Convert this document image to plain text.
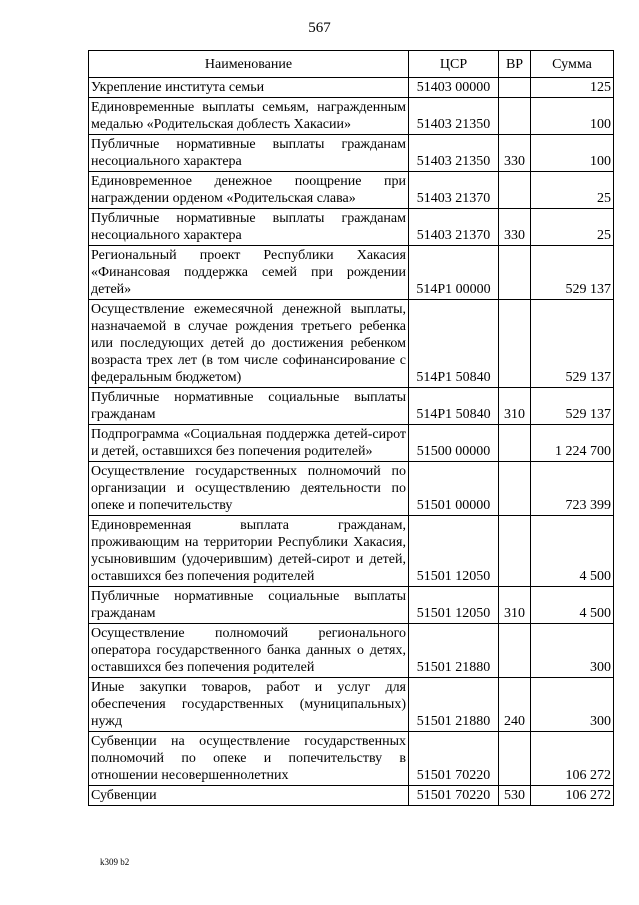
567
Наименование	ЦСР	ВР	Сумма
Укрепление института семьи	51403 00000		125
Единовременные выплаты семьям, награжденным медалью «Родительская доблесть Хакасии»	51403 21350		100
Публичные нормативные выплаты гражданам несоциального характера	51403 21350	330	100
Единовременное денежное поощрение при награждении орденом «Родительская слава»	51403 21370		25
Публичные нормативные выплаты гражданам несоциального характера	51403 21370	330	25
Региональный проект Республики Хакасия «Финансовая поддержка семей при рождении детей»	514P1 00000		529 137
Осуществление ежемесячной денежной выплаты, назначаемой в случае рождения третьего ребенка или последующих детей до достижения ребенком возраста трех лет (в том числе софинансирование с федеральным бюджетом)	514P1 50840		529 137
Публичные нормативные социальные выплаты гражданам	514P1 50840	310	529 137
Подпрограмма «Социальная поддержка детей-сирот и детей, оставшихся без попечения родителей»	51500 00000		1 224 700
Осуществление государственных полномочий по организации и осуществлению деятельности по опеке и попечительству	51501 00000		723 399
Единовременная выплата гражданам, проживающим на территории Республики Хакасия, усыновившим (удочерившим) детей-сирот и детей, оставшихся без попечения родителей	51501 12050		4 500
Публичные нормативные социальные выплаты гражданам	51501 12050	310	4 500
Осуществление полномочий регионального оператора государственного банка данных о детях, оставшихся без попечения родителей	51501 21880		300
Иные закупки товаров, работ и услуг для обеспечения государственных (муниципальных) нужд	51501 21880	240	300
Субвенции на осуществление государственных полномочий по опеке и попечительству в отношении несовершеннолетних	51501 70220		106 272
Субвенции	51501 70220	530	106 272
k309 b2
